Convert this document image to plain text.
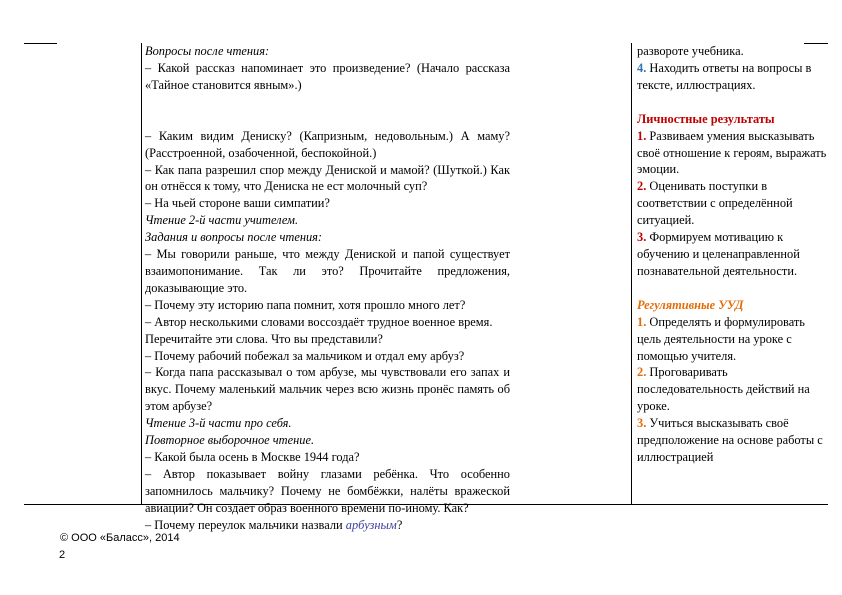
Вопросы после чтения:
– Какой рассказ напоминает это произведение? (Начало рассказа «Тайное становится явным».)
– Каким видим Дениску? (Капризным, недовольным.) А маму? (Расстроенной, озабоченной, беспокойной.)
– Как папа разрешил спор между Дениской и мамой? (Шуткой.) Как он отнёсся к тому, что Дениска не ест молочный суп?
– На чьей стороне ваши симпатии?
Чтение 2-й части учителем.
Задания и вопросы после чтения:
– Мы говорили раньше, что между Дениской и папой существует взаимопонимание. Так ли это? Прочитайте предложения, доказывающие это.
– Почему эту историю папа помнит, хотя прошло много лет?
– Автор несколькими словами воссоздаёт трудное военное время.
Перечитайте эти слова. Что вы представили?
– Почему рабочий побежал за мальчиком и отдал ему арбуз?
– Когда папа рассказывал о том арбузе, мы чувствовали его запах и вкус. Почему маленький мальчик через всю жизнь пронёс память об этом арбузе?
Чтение 3-й части про себя.
Повторное выборочное чтение.
– Какой была осень в Москве 1944 года?
– Автор показывает войну глазами ребёнка. Что особенно запомнилось мальчику? Почему не бомбёжки, налёты вражеской авиации? Он создаёт образ военного времени по-иному. Как?
– Почему переулок мальчики назвали арбузным?
развороте учебника.
4. Находить ответы на вопросы в тексте, иллюстрациях.
Личностные результаты
1. Развиваем умения высказывать своё отношение к героям, выражать эмоции.
2. Оценивать поступки в соответствии с определённой ситуацией.
3. Формируем мотивацию к обучению и целенаправленной познавательной деятельности.
Регулятивные УУД
1. Определять и формулировать цель деятельности на уроке с помощью учителя.
2. Проговаривать последовательность действий на уроке.
3. Учиться высказывать своё предположение на основе работы с иллюстрацией
© ООО «Баласс», 2014
2
